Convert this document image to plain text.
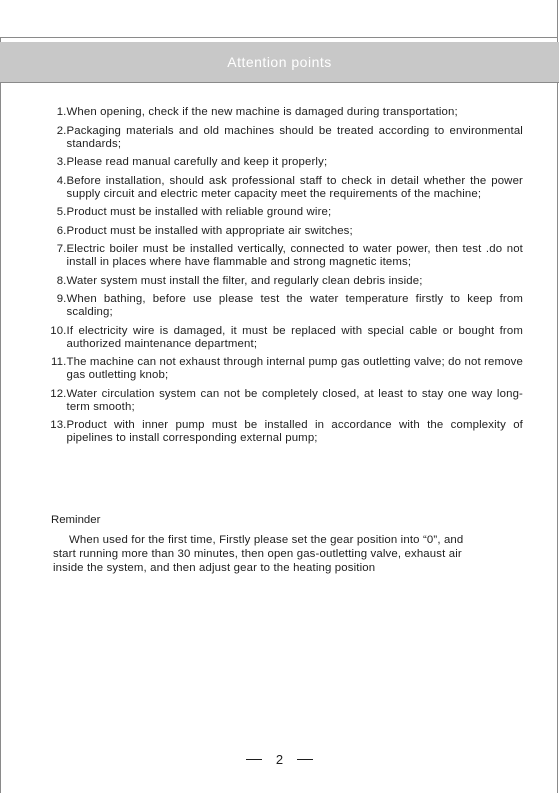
Attention points
1. When opening, check if the new machine is damaged during transportation;
2. Packaging materials and old machines should be treated according to environmental standards;
3. Please read manual carefully and keep it properly;
4. Before installation, should ask professional staff to check in detail whether the power supply circuit and electric meter capacity meet the requirements of the machine;
5. Product must be installed with reliable ground wire;
6. Product must be installed with appropriate air switches;
7. Electric boiler must be installed vertically, connected to water power, then test .do not install in places where have flammable and strong magnetic items;
8. Water system must install the filter, and regularly clean debris inside;
9. When bathing, before use please test the water temperature firstly to keep from scalding;
10. If electricity wire is damaged, it must be replaced with special cable or bought from authorized maintenance department;
11. The machine can not exhaust through internal pump gas outletting valve; do not remove gas outletting knob;
12. Water circulation system can not be completely closed, at least to stay one way long-term smooth;
13. Product with inner pump must be installed in accordance with the complexity of pipelines to install corresponding external pump;
Reminder
When used for the first time, Firstly please set the gear position into “0”, and start running more than 30 minutes, then open gas-outletting valve, exhaust air inside the system, and then adjust gear to the heating position
2
